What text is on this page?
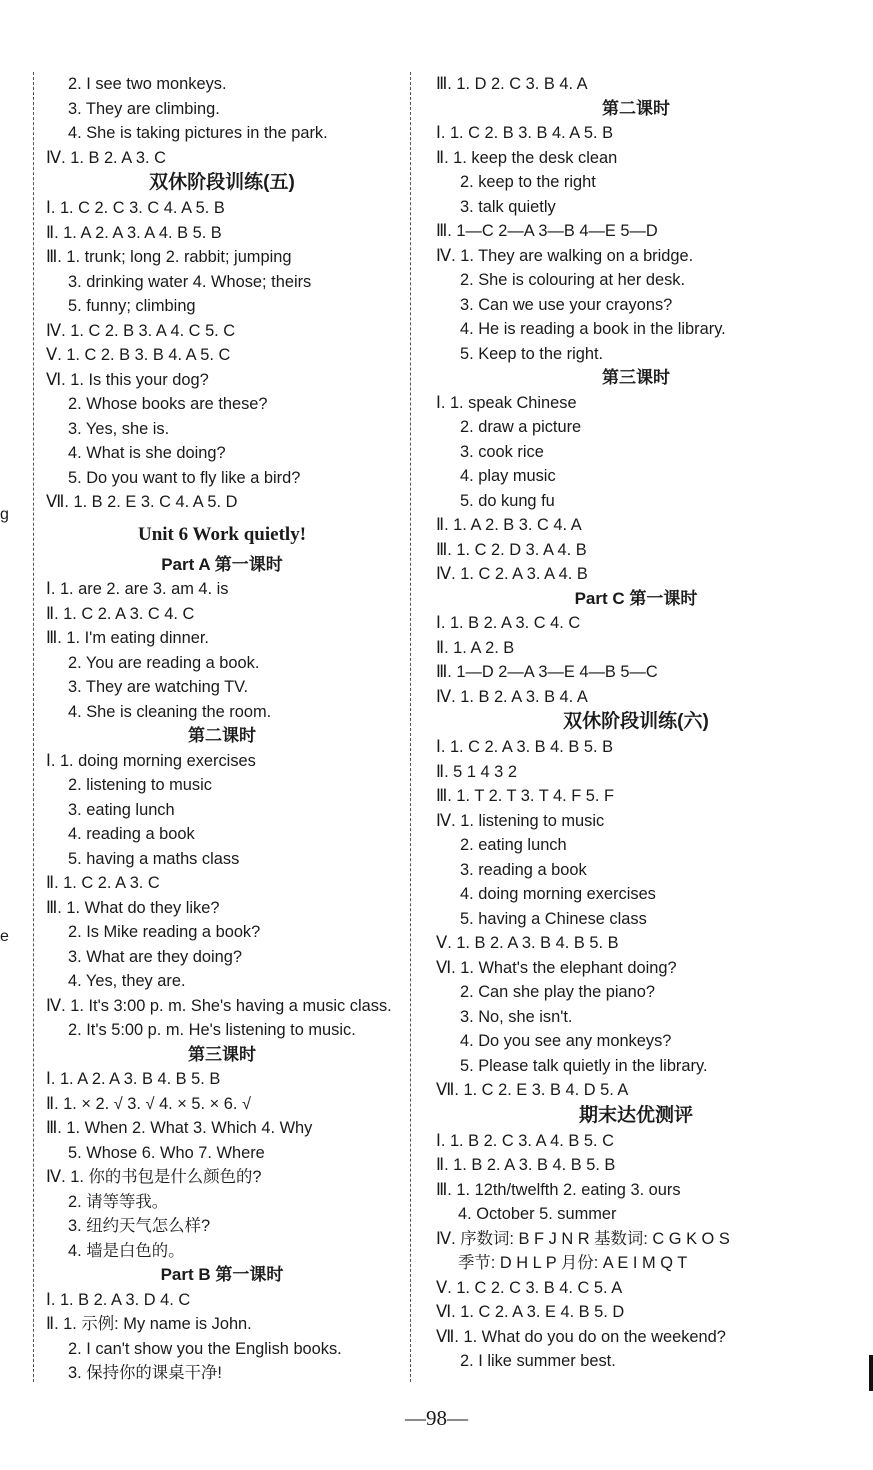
g
e
2. I see two monkeys.
3. They are climbing.
4. She is taking pictures in the park.
Ⅳ. 1. B 2. A 3. C
双休阶段训练(五)
Ⅰ. 1. C 2. C 3. C 4. A 5. B
Ⅱ. 1. A 2. A 3. A 4. B 5. B
Ⅲ. 1. trunk; long 2. rabbit; jumping
3. drinking water 4. Whose; theirs
5. funny; climbing
Ⅳ. 1. C 2. B 3. A 4. C 5. C
Ⅴ. 1. C 2. B 3. B 4. A 5. C
Ⅵ. 1. Is this your dog?
2. Whose books are these?
3. Yes, she is.
4. What is she doing?
5. Do you want to fly like a bird?
Ⅶ. 1. B 2. E 3. C 4. A 5. D
Unit 6 Work quietly!
Part A 第一课时
Ⅰ. 1. are 2. are 3. am 4. is
Ⅱ. 1. C 2. A 3. C 4. C
Ⅲ. 1. I'm eating dinner.
2. You are reading a book.
3. They are watching TV.
4. She is cleaning the room.
第二课时
Ⅰ. 1. doing morning exercises
2. listening to music
3. eating lunch
4. reading a book
5. having a maths class
Ⅱ. 1. C 2. A 3. C
Ⅲ. 1. What do they like?
2. Is Mike reading a book?
3. What are they doing?
4. Yes, they are.
Ⅳ. 1. It's 3:00 p. m. She's having a music class.
2. It's 5:00 p. m. He's listening to music.
第三课时
Ⅰ. 1. A 2. A 3. B 4. B 5. B
Ⅱ. 1. × 2. √ 3. √ 4. × 5. × 6. √
Ⅲ. 1. When 2. What 3. Which 4. Why
5. Whose 6. Who 7. Where
Ⅳ. 1. 你的书包是什么颜色的?
2. 请等等我。
3. 纽约天气怎么样?
4. 墙是白色的。
Part B 第一课时
Ⅰ. 1. B 2. A 3. D 4. C
Ⅱ. 1. 示例: My name is John.
2. I can't show you the English books.
3. 保持你的课桌干净!
Ⅲ. 1. D 2. C 3. B 4. A
第二课时
Ⅰ. 1. C 2. B 3. B 4. A 5. B
Ⅱ. 1. keep the desk clean
2. keep to the right
3. talk quietly
Ⅲ. 1—C 2—A 3—B 4—E 5—D
Ⅳ. 1. They are walking on a bridge.
2. She is colouring at her desk.
3. Can we use your crayons?
4. He is reading a book in the library.
5. Keep to the right.
第三课时
Ⅰ. 1. speak Chinese
2. draw a picture
3. cook rice
4. play music
5. do kung fu
Ⅱ. 1. A 2. B 3. C 4. A
Ⅲ. 1. C 2. D 3. A 4. B
Ⅳ. 1. C 2. A 3. A 4. B
Part C 第一课时
Ⅰ. 1. B 2. A 3. C 4. C
Ⅱ. 1. A 2. B
Ⅲ. 1—D 2—A 3—E 4—B 5—C
Ⅳ. 1. B 2. A 3. B 4. A
双休阶段训练(六)
Ⅰ. 1. C 2. A 3. B 4. B 5. B
Ⅱ. 5 1 4 3 2
Ⅲ. 1. T 2. T 3. T 4. F 5. F
Ⅳ. 1. listening to music
2. eating lunch
3. reading a book
4. doing morning exercises
5. having a Chinese class
Ⅴ. 1. B 2. A 3. B 4. B 5. B
Ⅵ. 1. What's the elephant doing?
2. Can she play the piano?
3. No, she isn't.
4. Do you see any monkeys?
5. Please talk quietly in the library.
Ⅶ. 1. C 2. E 3. B 4. D 5. A
期末达优测评
Ⅰ. 1. B 2. C 3. A 4. B 5. C
Ⅱ. 1. B 2. A 3. B 4. B 5. B
Ⅲ. 1. 12th/twelfth 2. eating 3. ours
4. October 5. summer
Ⅳ. 序数词: B F J N R 基数词: C G K O S
季节: D H L P 月份: A E I M Q T
Ⅴ. 1. C 2. C 3. B 4. C 5. A
Ⅵ. 1. C 2. A 3. E 4. B 5. D
Ⅶ. 1. What do you do on the weekend?
2. I like summer best.
—98—
